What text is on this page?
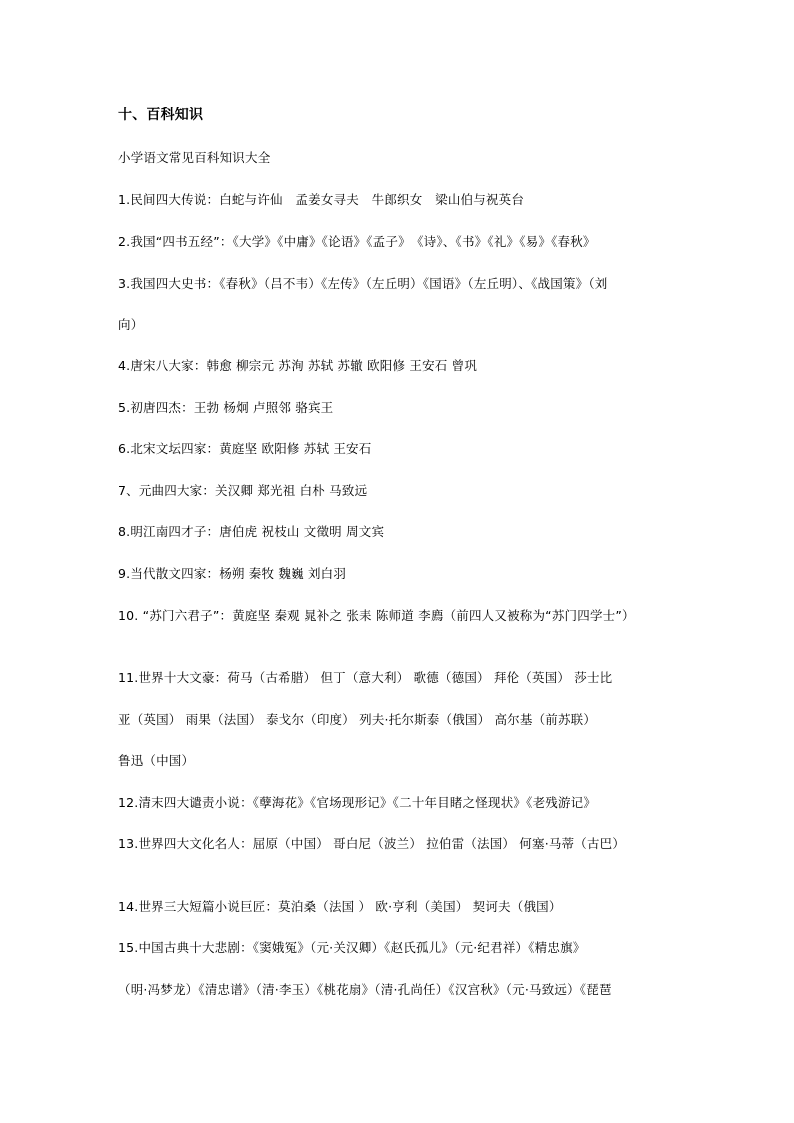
十、百科知识
小学语文常见百科知识大全
1.民间四大传说：白蛇与许仙　孟姜女寻夫　牛郎织女　梁山伯与祝英台
2.我国“四书五经”：《大学》《中庸》《论语》《孟子》　《诗》、《书》《礼》《易》《春秋》
3.我国四大史书：《春秋》（吕不韦）《左传》（左丘明）《国语》（左丘明）、《战国策》（刘
向）
4.唐宋八大家：韩愈 柳宗元 苏洵 苏轼 苏辙 欧阳修 王安石 曾巩
5.初唐四杰：王勃 杨炯 卢照邻 骆宾王
6.北宋文坛四家：黄庭坚 欧阳修 苏轼 王安石
7、元曲四大家：关汉卿 郑光祖 白朴 马致远
8.明江南四才子：唐伯虎 祝枝山 文徵明 周文宾
9.当代散文四家：杨朔 秦牧 魏巍 刘白羽
10. “苏门六君子”：黄庭坚 秦观 晁补之 张耒 陈师道 李廌（前四人又被称为“苏门四学士”）
11.世界十大文豪：荷马（古希腊） 但丁（意大利） 歌德（德国） 拜伦（英国） 莎士比
亚（英国） 雨果（法国） 泰戈尔（印度） 列夫·托尔斯泰（俄国） 高尔基（前苏联）
鲁迅（中国）
12.清末四大谴责小说：《孽海花》《官场现形记》《二十年目睹之怪现状》《老残游记》
13.世界四大文化名人：屈原（中国） 哥白尼（波兰） 拉伯雷（法国） 何塞·马蒂（古巴）
14.世界三大短篇小说巨匠：莫泊桑（法国 ） 欧·亨利（美国） 契诃夫（俄国）
15.中国古典十大悲剧：《窦娥冤》（元·关汉卿）《赵氏孤儿》（元·纪君祥）《精忠旗》
（明·冯梦龙）《清忠谱》（清·李玉）《桃花扇》（清·孔尚任）《汉宫秋》（元·马致远）《琵琶
